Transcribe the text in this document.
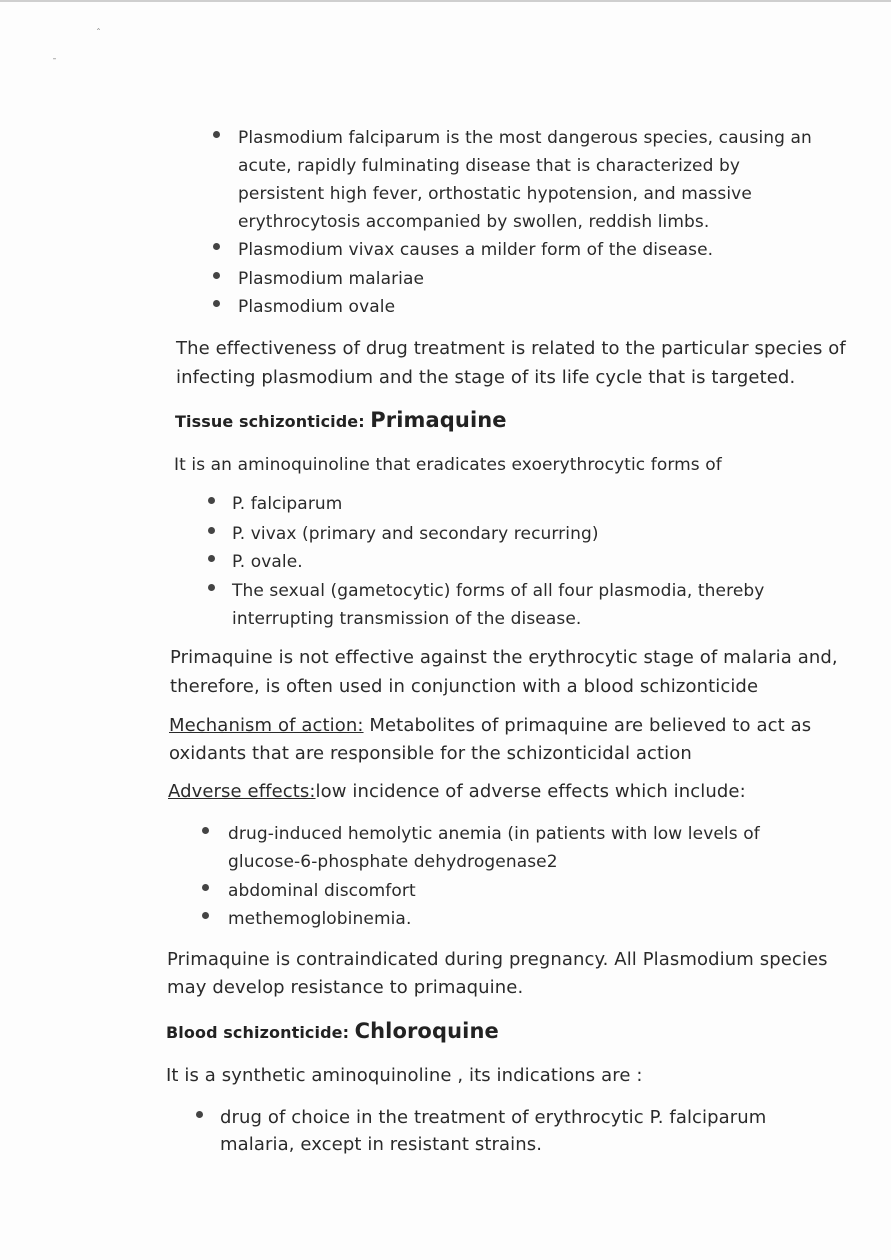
ˆ
ˉ
Plasmodium falciparum is the most dangerous species, causing an
acute, rapidly fulminating disease that is characterized by
persistent high fever, orthostatic hypotension, and massive
erythrocytosis accompanied by swollen, reddish limbs.
Plasmodium vivax causes a milder form of the disease.
Plasmodium malariae
Plasmodium ovale
The effectiveness of drug treatment is related to the particular species of
infecting plasmodium and the stage of its life cycle that is targeted.
Tissue schizonticide: Primaquine
It is an aminoquinoline that eradicates exoerythrocytic forms of
P. falciparum
P. vivax (primary and secondary recurring)
P. ovale.
The sexual (gametocytic) forms of all four plasmodia, thereby
interrupting transmission of the disease.
Primaquine is not effective against the erythrocytic stage of malaria and,
therefore, is often used in conjunction with a blood schizonticide
Mechanism of action: Metabolites of primaquine are believed to act as
oxidants that are responsible for the schizonticidal action
Adverse effects:low incidence of adverse effects which include:
drug-induced hemolytic anemia (in patients with low levels of
glucose-6-phosphate dehydrogenase2
abdominal discomfort
methemoglobinemia.
Primaquine is contraindicated during pregnancy. All Plasmodium species
may develop resistance to primaquine.
Blood schizonticide: Chloroquine
It is a synthetic aminoquinoline , its indications are :
drug of choice in the treatment of erythrocytic P. falciparum
malaria, except in resistant strains.
